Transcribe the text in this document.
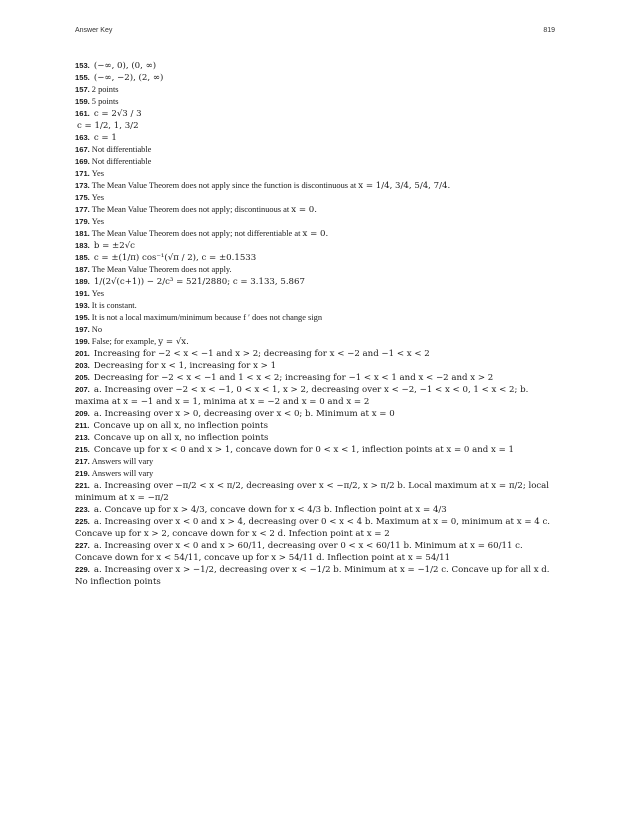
Answer Key	819

153. (−∞, 0), (0, ∞)

155. (−∞, −2), (2, ∞)

157. 2 points

159. 5 points

161. c = 2√3 / 3

c = 1/2, 1, 3/2

163. c = 1

167. Not differentiable

169. Not differentiable

171. Yes

173. The Mean Value Theorem does not apply since the function is discontinuous at x = 1/4, 3/4, 5/4, 7/4.

175. Yes

177. The Mean Value Theorem does not apply; discontinuous at x = 0.

179. Yes

181. The Mean Value Theorem does not apply; not differentiable at x = 0.

183. b = ±2√c

185. c = ±(1/π) cos⁻¹(√π / 2), c = ±0.1533

187. The Mean Value Theorem does not apply.

189. 1/(2√(c+1)) − 2/c³ = 521/2880; c = 3.133, 5.867

191. Yes

193. It is constant.

195. It is not a local maximum/minimum because f ′ does not change sign

197. No

199. False; for example, y = √x.

201. Increasing for −2 < x < −1 and x > 2; decreasing for x < −2 and −1 < x < 2

203. Decreasing for x < 1, increasing for x > 1

205. Decreasing for −2 < x < −1 and 1 < x < 2; increasing for −1 < x < 1 and x < −2 and x > 2

207. a. Increasing over −2 < x < −1, 0 < x < 1, x > 2, decreasing over x < −2, −1 < x < 0, 1 < x < 2; b. maxima at x = −1 and x = 1, minima at x = −2 and x = 0 and x = 2

209. a. Increasing over x > 0, decreasing over x < 0; b. Minimum at x = 0

211. Concave up on all x, no inflection points

213. Concave up on all x, no inflection points

215. Concave up for x < 0 and x > 1, concave down for 0 < x < 1, inflection points at x = 0 and x = 1

217. Answers will vary

219. Answers will vary

221. a. Increasing over −π/2 < x < π/2, decreasing over x < −π/2, x > π/2 b. Local maximum at x = π/2; local minimum at x = −π/2

223. a. Concave up for x > 4/3, concave down for x < 4/3 b. Inflection point at x = 4/3

225. a. Increasing over x < 0 and x > 4, decreasing over 0 < x < 4 b. Maximum at x = 0, minimum at x = 4 c. Concave up for x > 2, concave down for x < 2 d. Infection point at x = 2

227. a. Increasing over x < 0 and x > 60/11, decreasing over 0 < x < 60/11 b. Minimum at x = 60/11 c. Concave down for x < 54/11, concave up for x > 54/11 d. Inflection point at x = 54/11

229. a. Increasing over x > −1/2, decreasing over x < −1/2 b. Minimum at x = −1/2 c. Concave up for all x d. No inflection points
